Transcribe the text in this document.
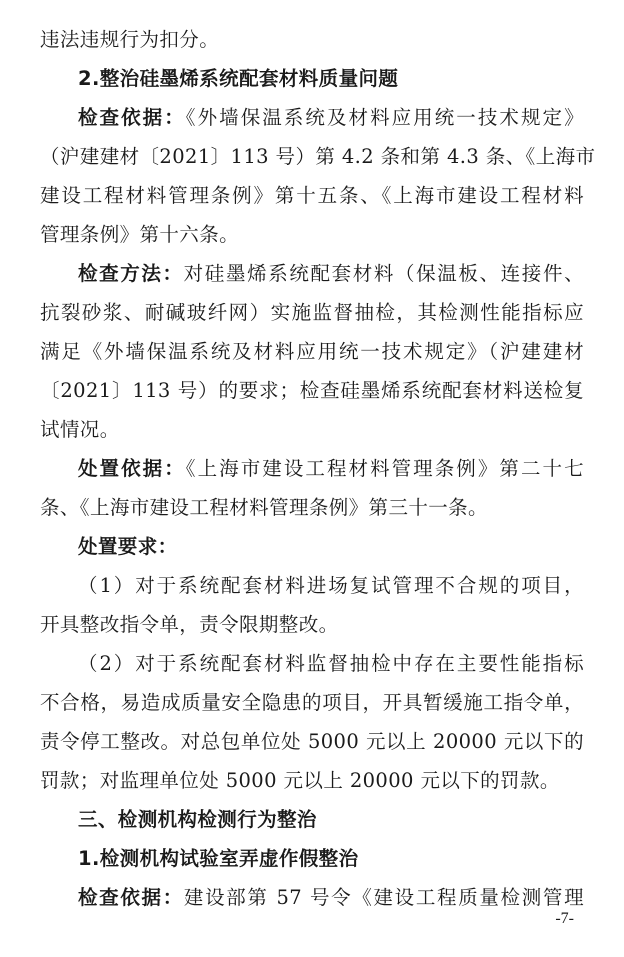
违法违规行为扣分。
2.整治硅墨烯系统配套材料质量问题
检查依据：《外墙保温系统及材料应用统一技术规定》
（沪建建材〔2021〕113 号）第 4.2 条和第 4.3 条、《上海市
建设工程材料管理条例》第十五条、《上海市建设工程材料
管理条例》第十六条。
检查方法：对硅墨烯系统配套材料（保温板、连接件、
抗裂砂浆、耐碱玻纤网）实施监督抽检，其检测性能指标应
满足《外墙保温系统及材料应用统一技术规定》（沪建建材
〔2021〕113 号）的要求；检查硅墨烯系统配套材料送检复
试情况。
处置依据：《上海市建设工程材料管理条例》第二十七
条、《上海市建设工程材料管理条例》第三十一条。
处置要求：
（1）对于系统配套材料进场复试管理不合规的项目，
开具整改指令单，责令限期整改。
（2）对于系统配套材料监督抽检中存在主要性能指标
不合格，易造成质量安全隐患的项目，开具暂缓施工指令单，
责令停工整改。对总包单位处 5000 元以上 20000 元以下的
罚款；对监理单位处 5000 元以上 20000 元以下的罚款。
三、检测机构检测行为整治
1.检测机构试验室弄虚作假整治
检查依据：建设部第 57 号令《建设工程质量检测管理
-7-
